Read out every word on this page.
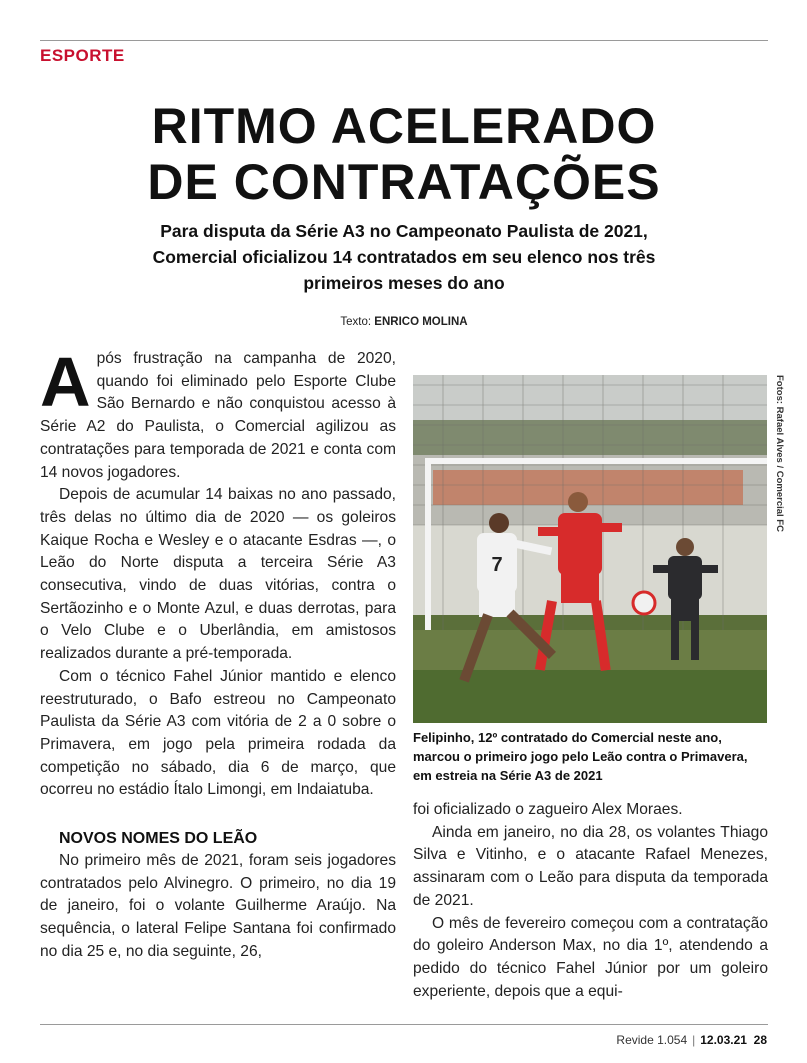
ESPORTE
RITMO ACELERADO
DE CONTRATAÇÕES
Para disputa da Série A3 no Campeonato Paulista de 2021, Comercial oficializou 14 contratados em seu elenco nos três primeiros meses do ano
Texto: ENRICO MOLINA

Após frustração na campanha de 2020, quando foi eliminado pelo Esporte Clube São Bernardo e não conquistou acesso à Série A2 do Paulista, o Comercial agilizou as contratações para temporada de 2021 e conta com 14 novos jogadores.

Depois de acumular 14 baixas no ano passado, três delas no último dia de 2020 — os goleiros Kaique Rocha e Wesley e o atacante Esdras —, o Leão do Norte disputa a terceira Série A3 consecutiva, vindo de duas vitórias, contra o Sertãozinho e o Monte Azul, e duas derrotas, para o Velo Clube e o Uberlândia, em amistosos realizados durante a pré-temporada.

Com o técnico Fahel Júnior mantido e elenco reestruturado, o Bafo estreou no Campeonato Paulista da Série A3 com vitória de 2 a 0 sobre o Primavera, em jogo pela primeira rodada da competição no sábado, dia 6 de março, que ocorreu no estádio Ítalo Limongi, em Indaiatuba.

NOVOS NOMES DO LEÃO

No primeiro mês de 2021, foram seis jogadores contratados pelo Alvinegro. O primeiro, no dia 19 de janeiro, foi o volante Guilherme Araújo. Na sequência, o lateral Felipe Santana foi confirmado no dia 25 e, no dia seguinte, 26,

7
Fotos: Rafael Alves / Comercial FC
Felipinho, 12º contratado do Comercial neste ano, marcou o primeiro jogo pelo Leão contra o Primavera, em estreia na Série A3 de 2021

foi oficializado o zagueiro Alex Moraes.

Ainda em janeiro, no dia 28, os volantes Thiago Silva e Vitinho, e o atacante Rafael Menezes, assinaram com o Leão para disputa da temporada de 2021.

O mês de fevereiro começou com a contratação do goleiro Anderson Max, no dia 1º, atendendo a pedido do técnico Fahel Júnior por um goleiro experiente, depois que a equi-

Revide 1.054 | 12.03.21 28
